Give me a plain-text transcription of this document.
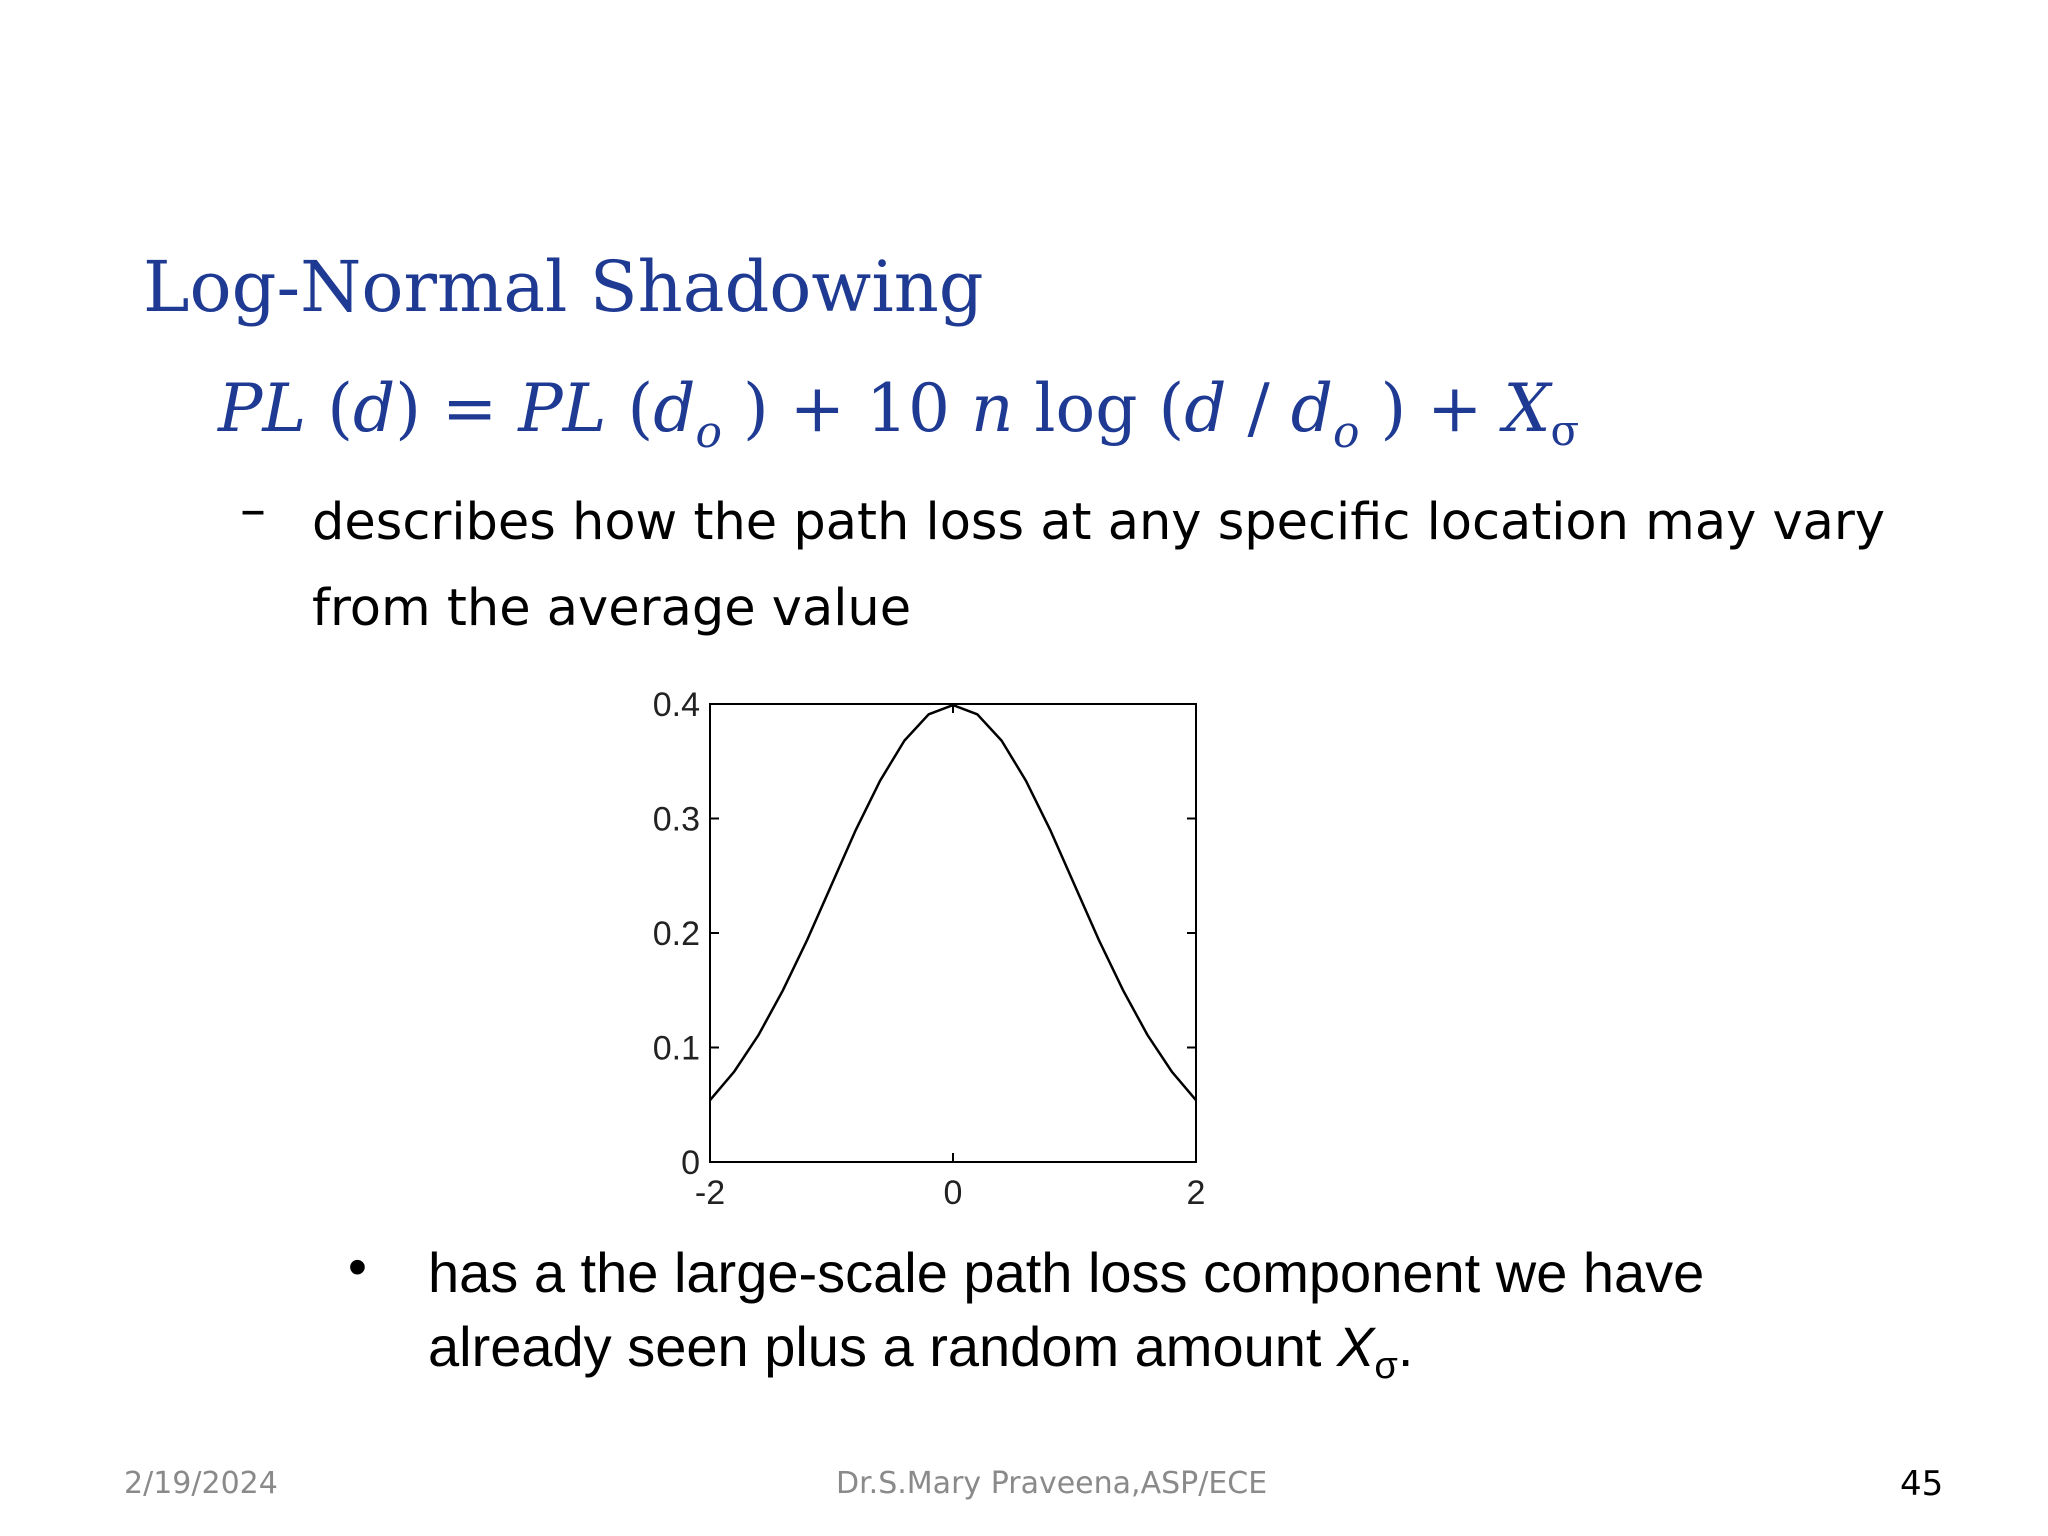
Log-Normal Shadowing
PL (d) = PL ($d_o$ ) + 10 n $\log (d / d_o$ ) + $X_\sigma$
– describes how the path loss at any specific location may vary from the average value
0
0.1
0.2
0.3
0.4
-2	0	2
• has a the large-scale path loss component we have already seen plus a random amount $X_\sigma$.
2/19/2024	Dr.S.Mary Praveena,ASP/ECE	45
